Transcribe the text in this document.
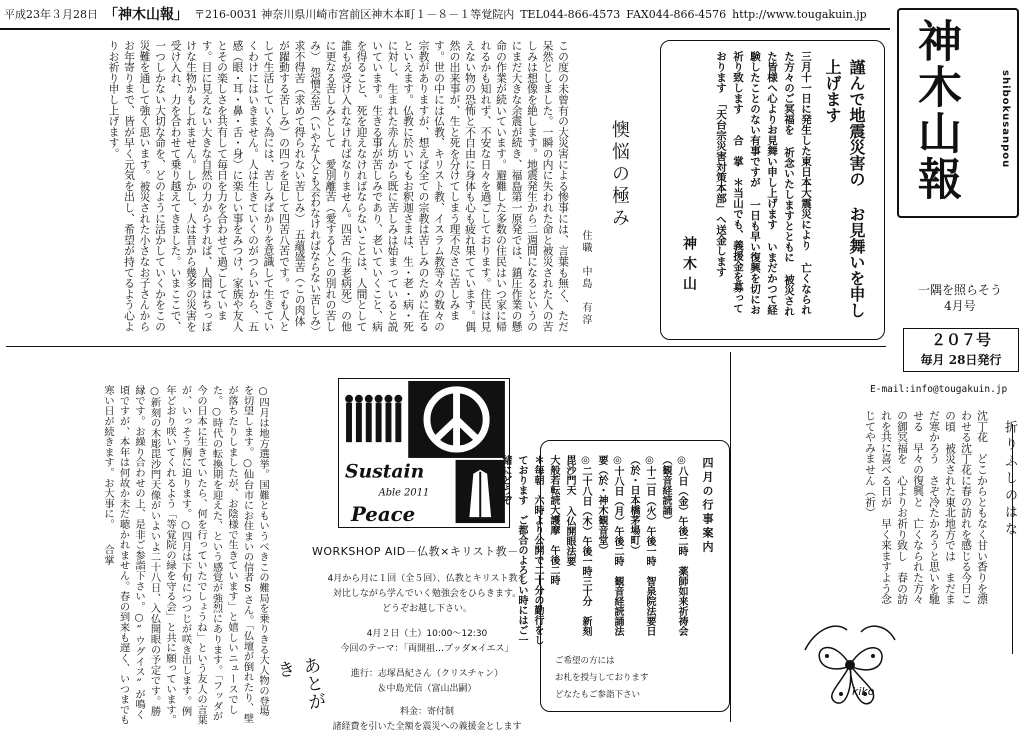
平成23年３月28日 「神木山報」 〒216-0031 神奈川県川崎市宮前区神木本町１－８－１等覚院内 TEL044-866-4573 FAX044-866-4576 http://www.tougakuin.jp
神木山報	shibokusanpou
一隅を照らそう
4月号
２０７号
毎月 28日発行
E-mail:info@tougakuin.jp
謹んで地震災害の お見舞いを申し上げます
三月十一日に発生した東日本大震災により 亡くなられた方々のご冥福を 祈念いたしますとともに 被災された皆様へ心よりお見舞い申し上げます いまだかつて経験したことのない有事ですが 一日も早い復興を切にお祈り致します　　合　掌　＊当山でも、義援金を募っております　「天台宗災害対策本部」へ送金します
神木山
懊悩の極み
住職　中島　有淳
この度の未曾有の大災害による惨事には、言葉も無く、ただ呆然としました。一瞬の内に失われた命と被災された人の苦しみは想像を絶します。地震発生から二週間になるというのにまだ大きな余震が続き、福島第一原発では、鎮圧作業の懸命の作業が続いています。避難した多数の住民はいつ家に帰れるかも知れず、不安な日々を過ごしております。住民は見えない物の恐怖と不自由に身体も心も疲れ果てています。偶然の出来事が、生と死を分けてしまう理不尽さに苦しみます。世の中には仏教、キリスト教、イスラム教等々の数々の宗教がありますが、想えば全ての宗教は苦しみのために在るといえます。仏教に於いてもお釈迦さまは、生・老・病・死に対し、生まれた赤ん坊から既に苦しみは始まっていると説いています。生きる事が苦しみであり、老いていくこと、病を得ること、死を迎えなければならないことは、人間として誰もが受け入れなければなりません。四苦（生老病死）の他に更なる苦しみとして　愛別離苦（愛する人との別れの苦しみ）　怨憎会苦（いやな人とも会わなければならない苦しみ）　求不得苦（求めて得られない苦しみ）　五蘊盛苦（この肉体が躍動する苦しみ）の四つを足して四苦八苦です。でも人として生活していく為には、苦しみばかりを意識して生きていくわけにはいきません。人は生きていくのがつらいから、五感（眼・耳・鼻・舌・身）に楽しい事をみつけ、家族や友人とその楽しさを共有して毎日を力を合わせて過ごしています。目に見えない大きな自然の力からすれば、人間はちっぽけな生物かもしれません。しかし、人は昔から幾多の災害を受け入れ、力を合わせて乗り越えてきました。いまここで、一つしかない大切な命を、どのように活かしていくかをこの災難を通して強く思います。被災された小さなお子さんからお年寄りまで、皆が早く元気を出し、希望が持てるよう心よりお祈り申し上げます。
Sustain
Able 2011
Peace
WORKSHOP AID－仏教×キリスト教－

4月から月に１回（全５回）、仏教とキリスト教を

対比しながら学んでいく勉強会をひらきます。

どうぞお越し下さい。

4月２日（土）10:00～12:30

今回のテーマ：「両開祖…ブッダ×イエス」

進行：志塚昌紀さん（クリスチャン）

＆中島光信（富山出嗣）

料金：寄付制

諸経費を引いた全額を震災への義援金とします

あとがき
○四月は地方選挙。国難ともいうべきこの難局を乗りきる大人物の登場を切望します。○仙台市にお住まいの信者Sさん。「仏壇が倒れたり、壁が落ちたりしましたが、お陰様で生きています」と嬉しいニュースでした。○時代の転換期を迎えた、という感覚が強烈にあります。「フッダが今の日本に生きていたら、何を行っていたでしょうね」という友人の言葉が、いっそう胸に迫ります。○四月は下旬につつじが咲き出します。例年どおり咲いてくれるよう「等覚院の緑を守る会」と共に願っています。○新刻の木彫毘沙門天像がいよいよ二十八日、入仏開眼の予定です。勝縁です。お繰り合わせの上、是非ご参詣下さい。○”ウグイス”が鳴く頃ですが、本年は何故か未だ聴かれません。春の到来も遅く、いつまでも寒い日が続きます。お大事に。　　合掌	四月の行事案内
◎八日（金）午後二時　薬師如来祈祷会（観音経読誦）
◎十二日（火）午後一時　智泉院法要日（於・日本橋茅場町）
◎十八日（月）午後二時　観音経読誦法要（於・神木観音堂）
◎二十八日（木）午後一時三十分　新刻毘沙門天 入仏開眼法要
大般若転読大護摩　午後二時
＊毎朝　六時より公開で二十分の勤行をしております　ご都合のよろしい時にはご一緒にどうぞ
ご希望の方には
お札を授与しております
どなたもご参詣下さい
折りふしのはな
沈丁花　どこからともなく甘い香りを漂わせる沈丁花に春の訪れを感じる今日この頃　被災された東北地方では　まだまだ寒かろう　さぞ冷たかろうと思いを馳せる　早々の復興と　亡くなられた方々の御冥福を　心よりお祈り致し　春の訪れを共に喜べる日が　早く来ますよう念じてやみません（祈）
kiko
